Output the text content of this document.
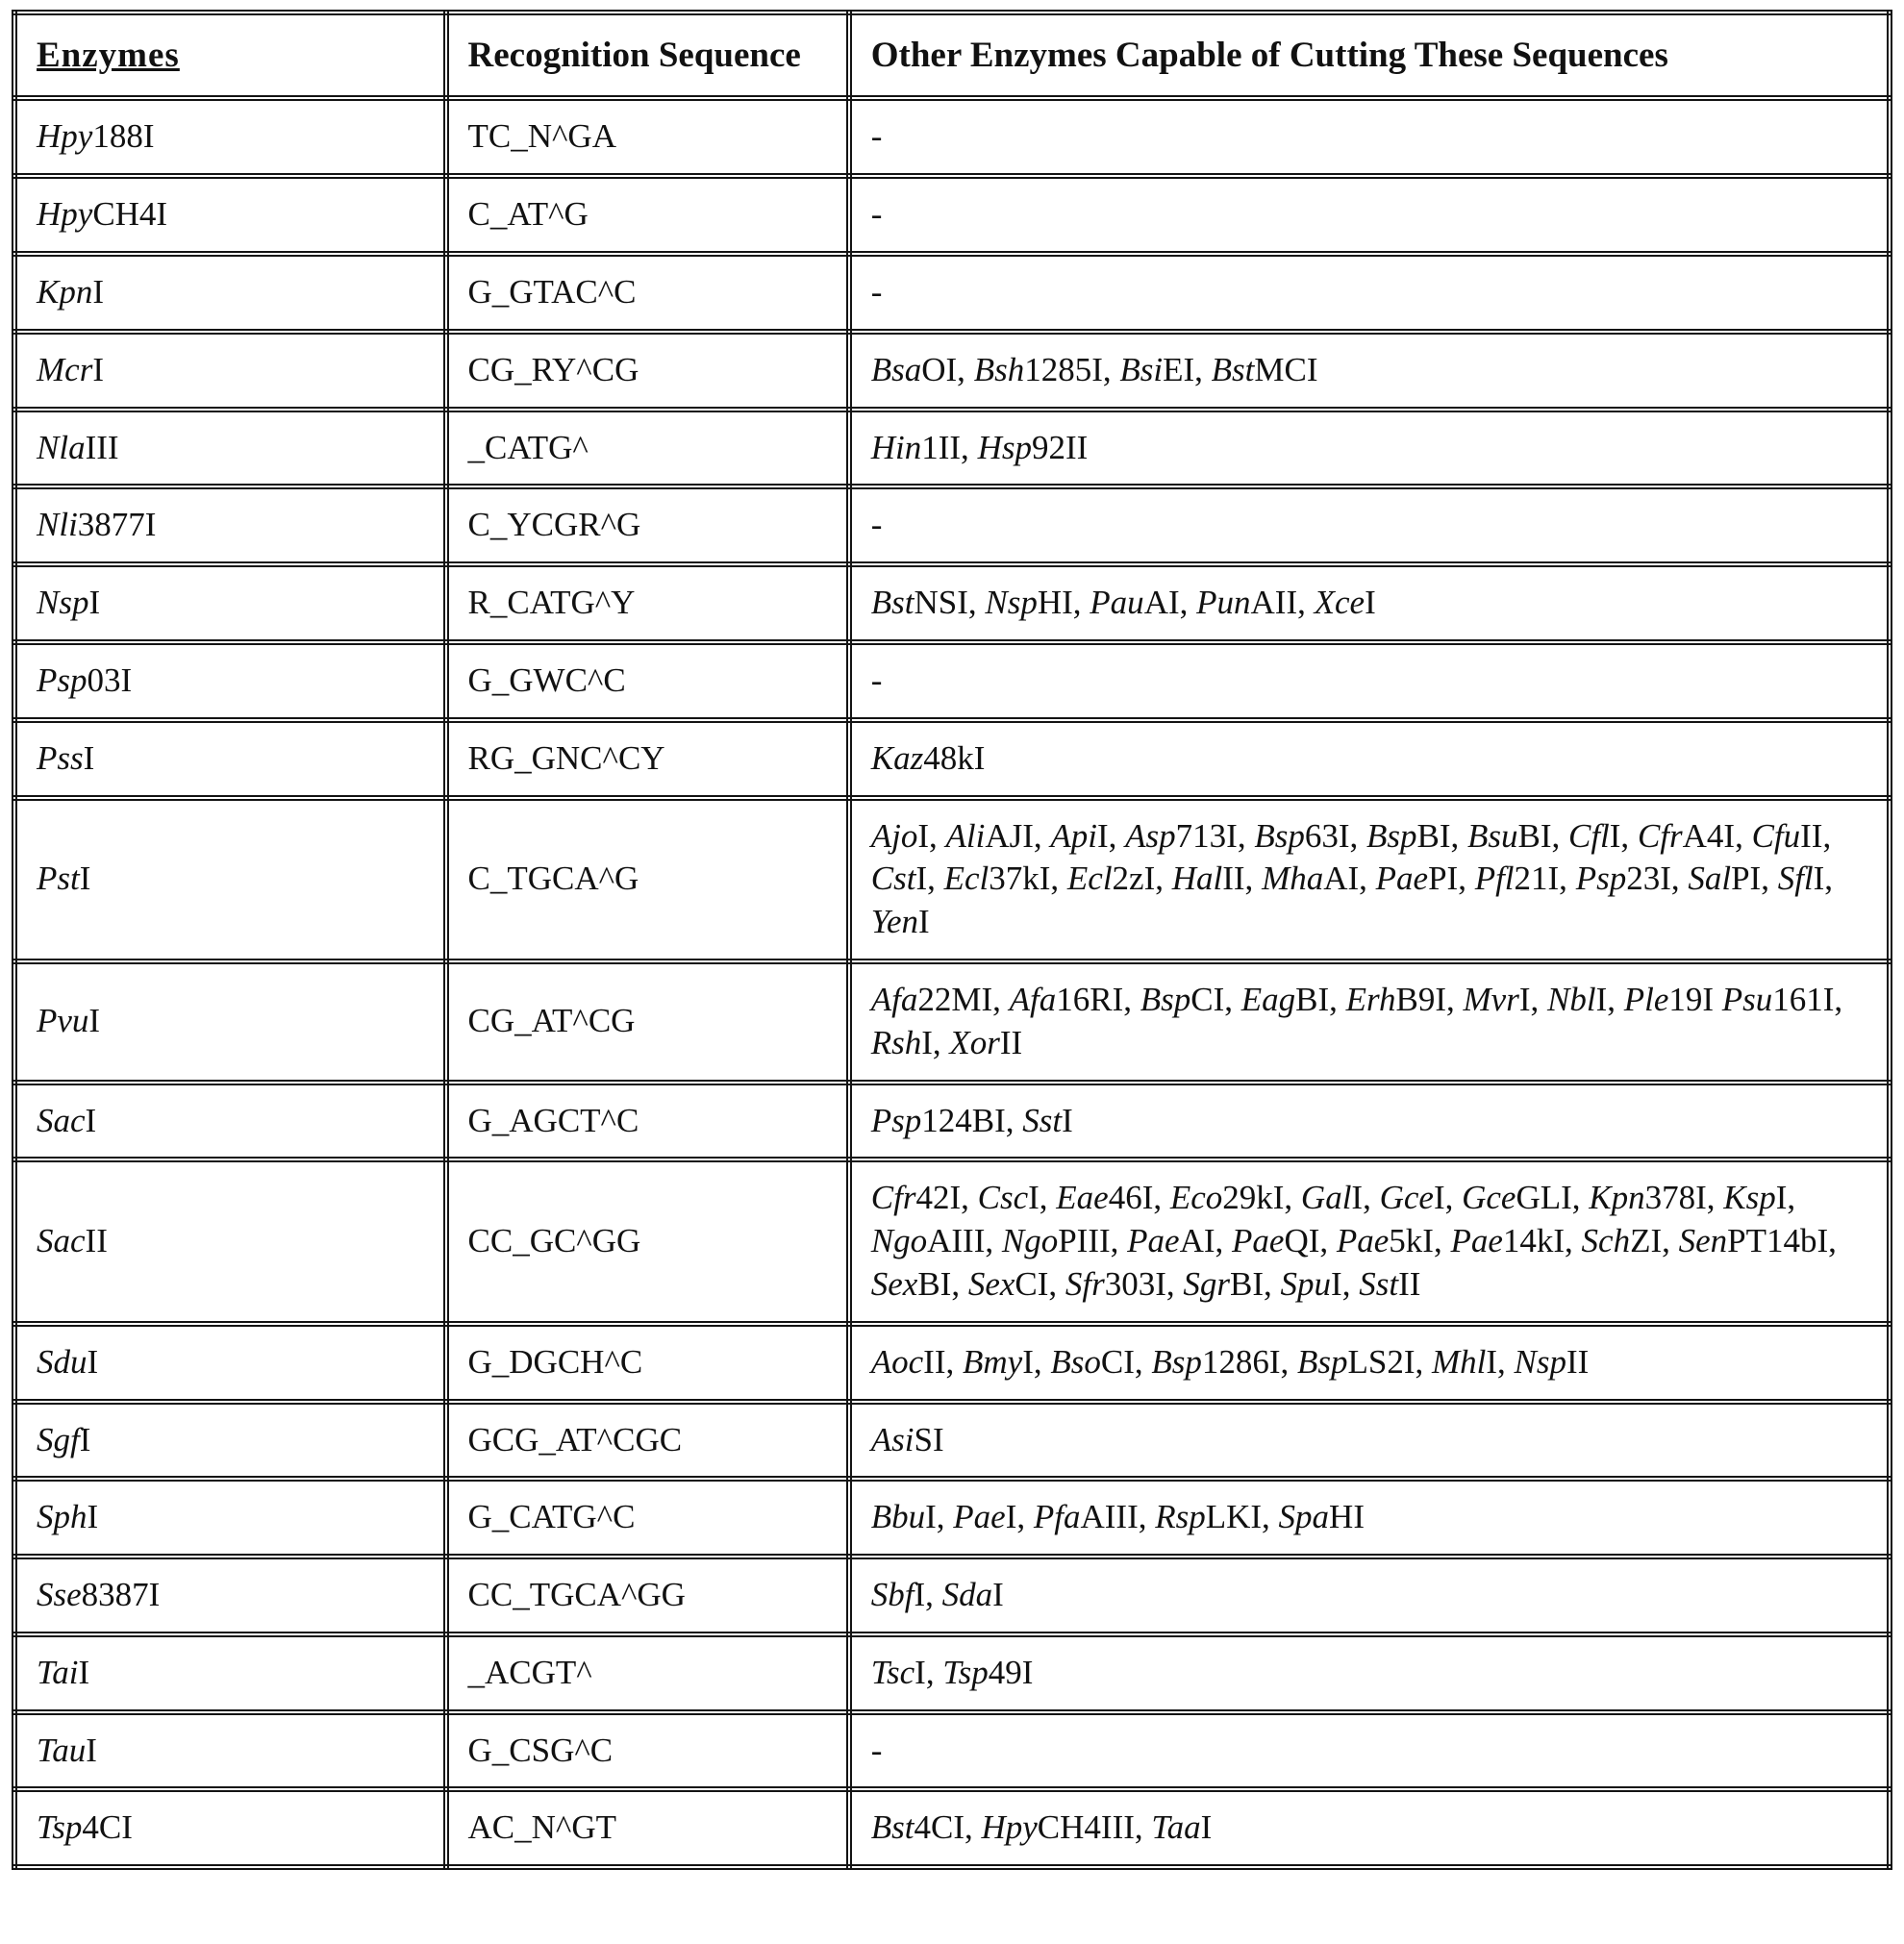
Enzymes	Recognition Sequence	Other Enzymes Capable of Cutting These Sequences
Hpy188I	TC_N^GA	-
HpyCH4I	C_AT^G	-
KpnI	G_GTAC^C	-
McrI	CG_RY^CG	BsaOI, Bsh1285I, BsiEI, BstMCI
NlaIII	_CATG^	Hin1II, Hsp92II
Nli3877I	C_YCGR^G	-
NspI	R_CATG^Y	BstNSI, NspHI, PauAI, PunAII, XceI
Psp03I	G_GWC^C	-
PssI	RG_GNC^CY	Kaz48kI
PstI	C_TGCA^G	AjoI, AliAJI, ApiI, Asp713I, Bsp63I, BspBI, BsuBI, CflI, CfrA4I, CfuII, CstI, Ecl37kI, Ecl2zI, HalII, MhaAI, PaePI, Pfl21I, Psp23I, SalPI, SflI, YenI
PvuI	CG_AT^CG	Afa22MI, Afa16RI, BspCI, EagBI, ErhB9I, MvrI, NblI, Ple19I Psu161I, RshI, XorII
SacI	G_AGCT^C	Psp124BI, SstI
SacII	CC_GC^GG	Cfr42I, CscI, Eae46I, Eco29kI, GalI, GceI, GceGLI, Kpn378I, KspI, NgoAIII, NgoPIII, PaeAI, PaeQI, Pae5kI, Pae14kI, SchZI, SenPT14bI, SexBI, SexCI, Sfr303I, SgrBI, SpuI, SstII
SduI	G_DGCH^C	AocII, BmyI, BsoCI, Bsp1286I, BspLS2I, MhlI, NspII
SgfI	GCG_AT^CGC	AsiSI
SphI	G_CATG^C	BbuI, PaeI, PfaAIII, RspLKI, SpaHI
Sse8387I	CC_TGCA^GG	SbfI, SdaI
TaiI	_ACGT^	TscI, Tsp49I
TauI	G_CSG^C	-
Tsp4CI	AC_N^GT	Bst4CI, HpyCH4III, TaaI
